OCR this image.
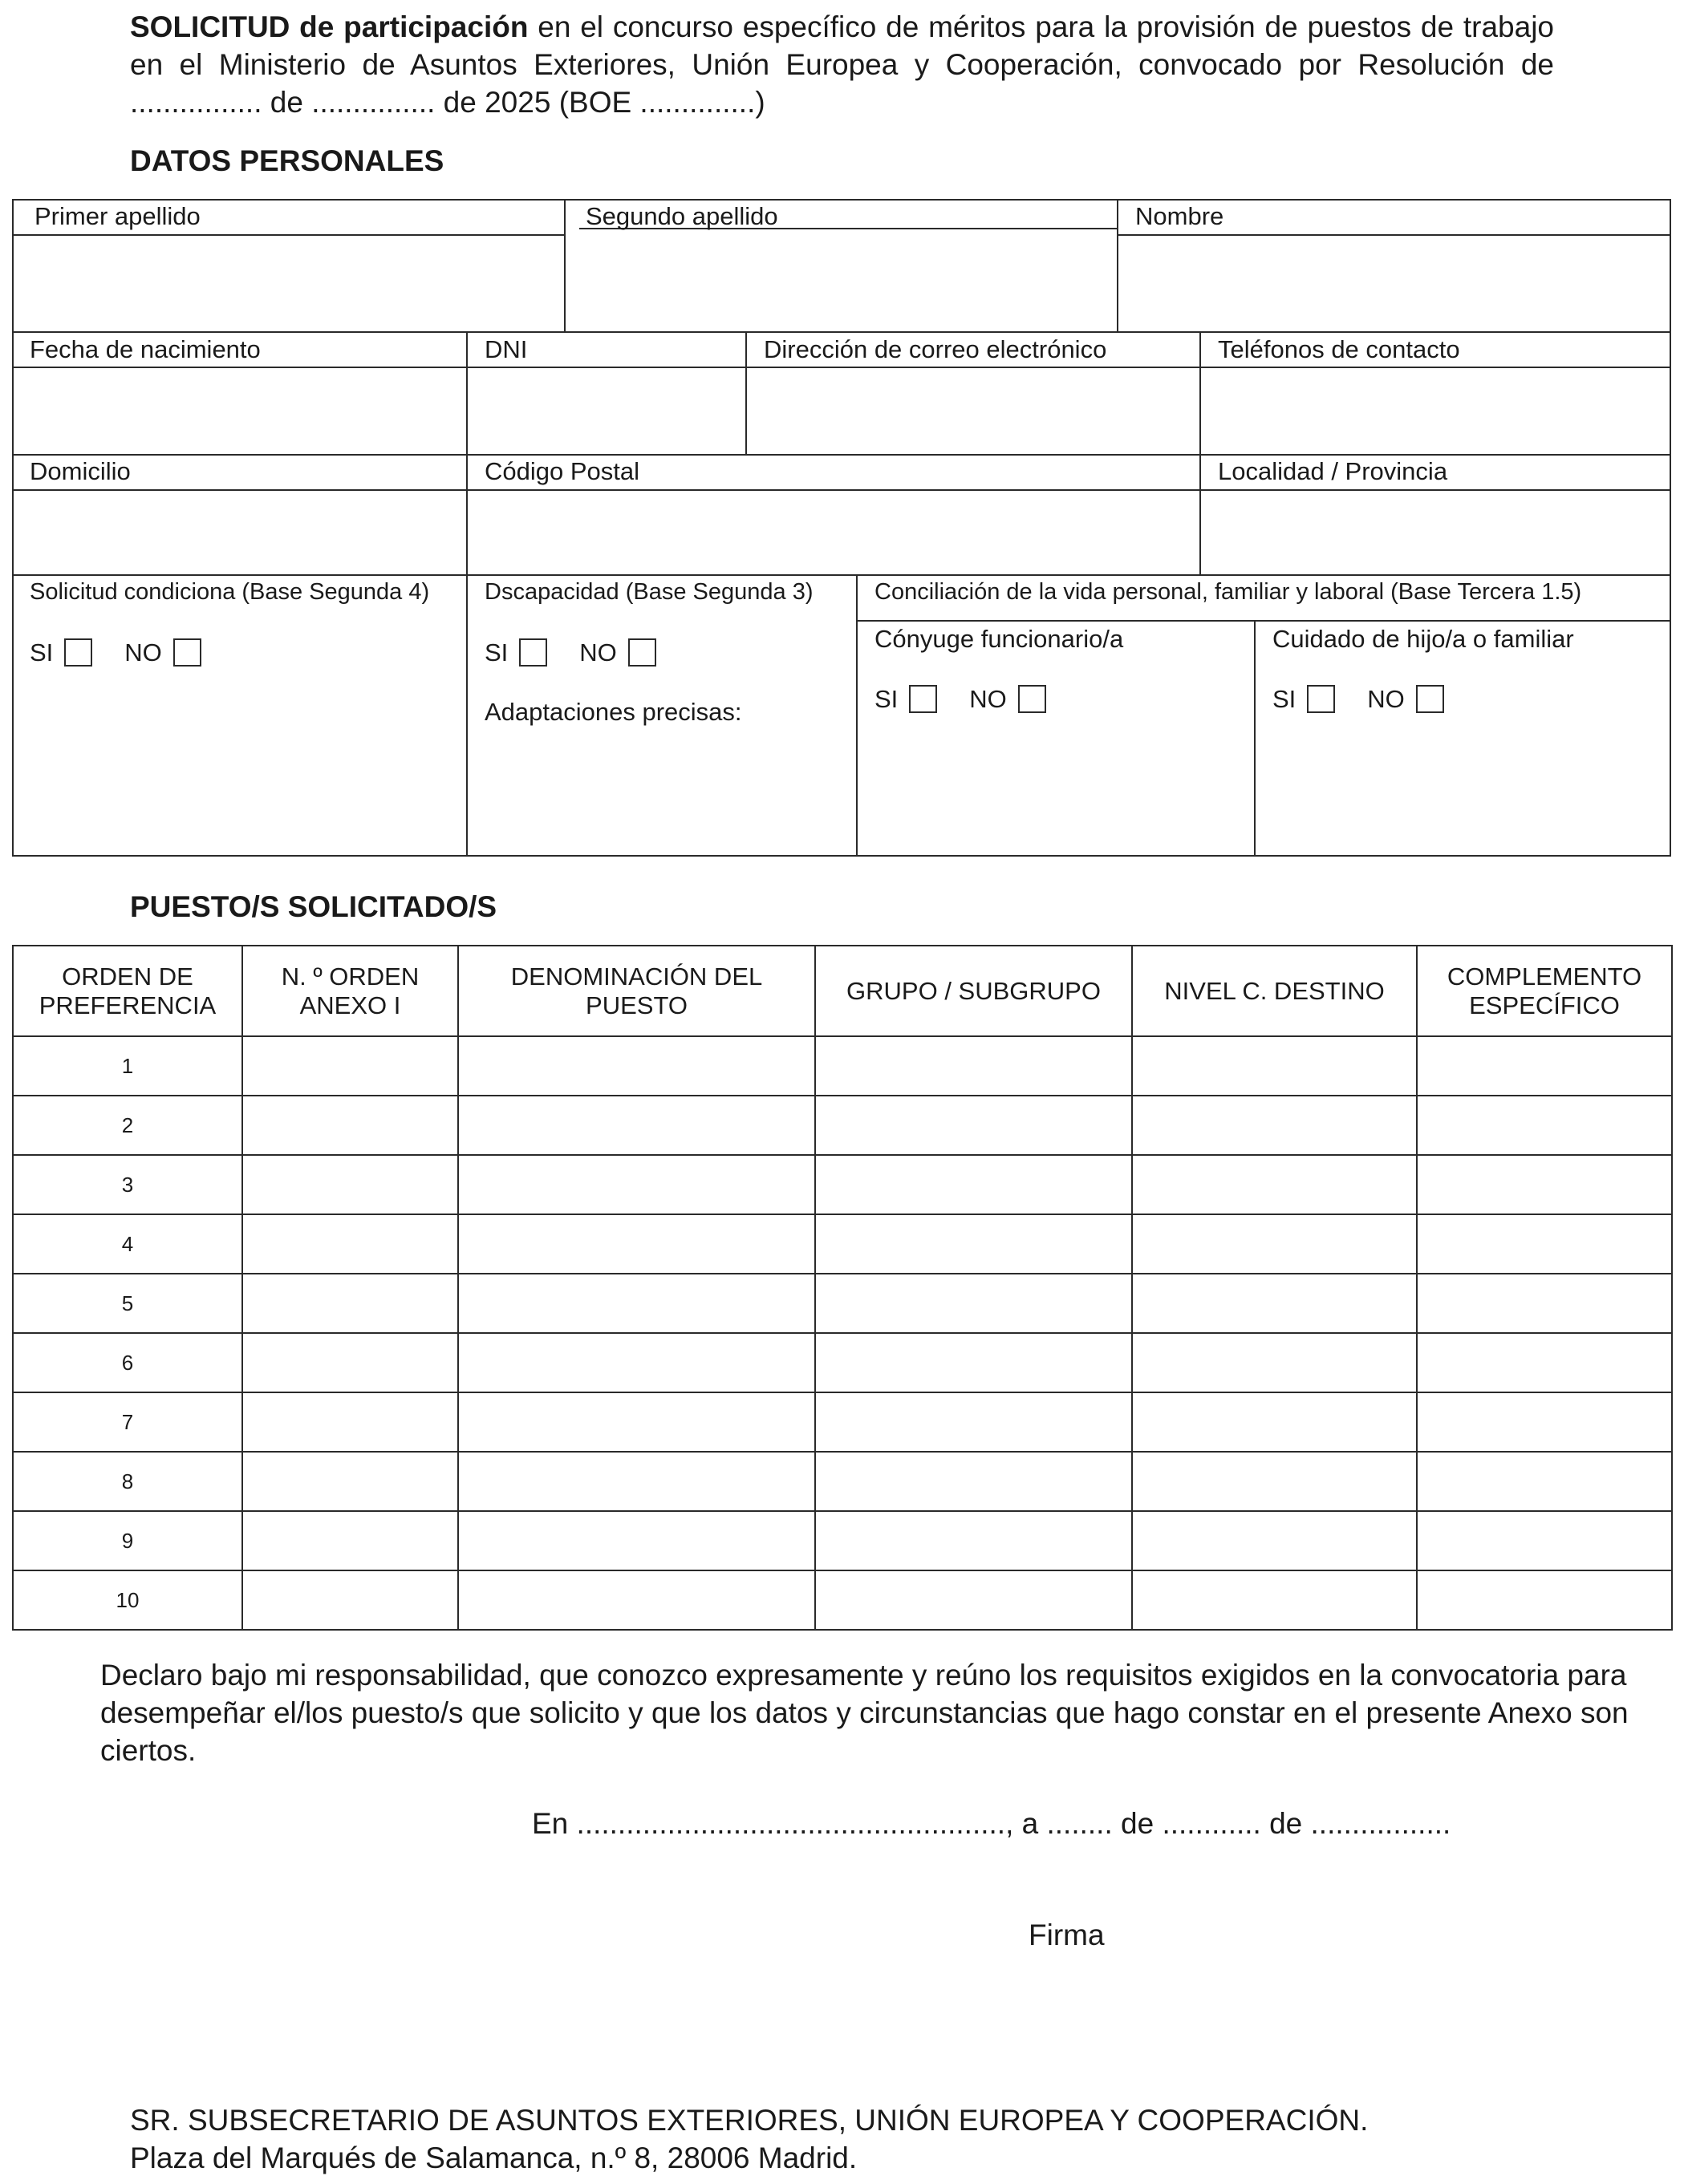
SOLICITUD de participación en el concurso específico de méritos para la provisión de puestos de trabajo en el Ministerio de Asuntos Exteriores, Unión Europea y Cooperación, convocado por Resolución de ................ de ............... de 2025 (BOE ..............)
DATOS PERSONALES
Primer apellido	Segundo apellido	Nombre
Fecha de nacimiento	DNI	Dirección de correo electrónico	Teléfonos de contacto
Domicilio	Código Postal	Localidad / Provincia
Solicitud condiciona (Base Segunda 4)
SI	NO
Dscapacidad (Base Segunda 3)
SI	NO
Adaptaciones precisas:
Conciliación de la vida personal, familiar y laboral (Base Tercera 1.5)
Cónyuge funcionario/a
SI	NO
Cuidado de hijo/a o familiar
SI	NO
PUESTO/S SOLICITADO/S
ORDEN DE PREFERENCIA	N. º ORDEN ANEXO I	DENOMINACIÓN DEL PUESTO	GRUPO / SUBGRUPO	NIVEL C. DESTINO	COMPLEMENTO ESPECÍFICO
1					
2					
3					
4					
5					
6					
7					
8					
9					
10					
Declaro bajo mi responsabilidad, que conozco expresamente y reúno los requisitos exigidos en la convocatoria para desempeñar el/los puesto/s que solicito y que los datos y circunstancias que hago constar en el presente Anexo son ciertos.
En ...................................................., a ........ de ............ de .................
Firma
SR. SUBSECRETARIO DE ASUNTOS EXTERIORES, UNIÓN EUROPEA Y COOPERACIÓN.
Plaza del Marqués de Salamanca, n.º 8, 28006 Madrid.
